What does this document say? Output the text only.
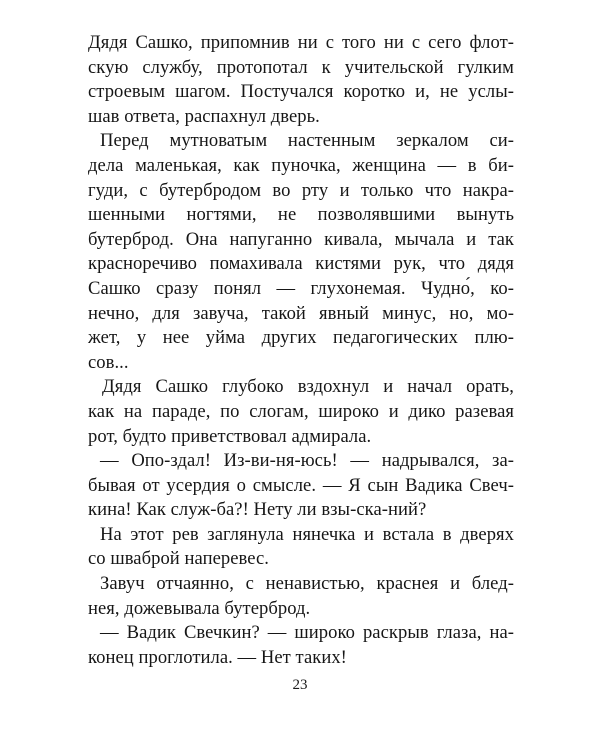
Дядя Сашко, припомнив ни с того ни с сего флот-
скую службу, протопотал к учительской гулким
строевым шагом. Постучался коротко и, не услы-
шав ответа, распахнул дверь.
Перед мутноватым настенным зеркалом си-
дела маленькая, как пуночка, женщина — в би-
гуди, с бутербродом во рту и только что накра-
шенными ногтями, не позволявшими вынуть
бутерброд. Она напуганно кивала, мычала и так
красноречиво помахивала кистями рук, что дядя
Сашко сразу понял — глухонемая. Чудно́, ко-
нечно, для завуча, такой явный минус, но, мо-
жет, у нее уйма других педагогических плю-
сов...
Дядя Сашко глубоко вздохнул и начал орать,
как на параде, по слогам, широко и дико разевая
рот, будто приветствовал адмирала.
— Опо-здал! Из-ви-ня-юсь! — надрывался, за-
бывая от усердия о смысле. — Я сын Вадика Свеч-
кина! Как служ-ба?! Нету ли взы-ска-ний?
На этот рев заглянула нянечка и встала в дверях
со шваброй наперевес.
Завуч отчаянно, с ненавистью, краснея и блед-
нея, дожевывала бутерброд.
— Вадик Свечкин? — широко раскрыв глаза, на-
конец проглотила. — Нет таких!
23
